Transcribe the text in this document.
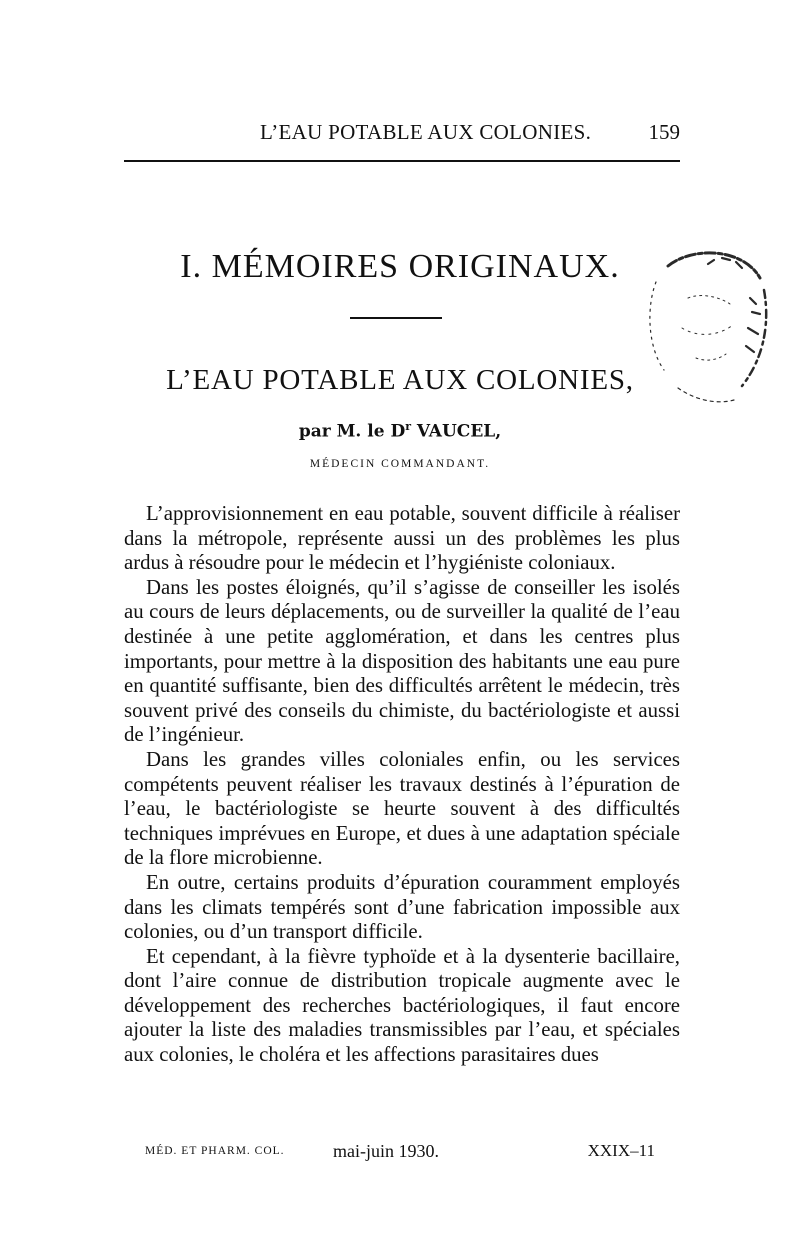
L’EAU POTABLE AUX COLONIES.	159
I. MÉMOIRES ORIGINAUX.
L’EAU POTABLE AUX COLONIES,
par M. le $D^r$ VAUCEL,
MÉDECIN COMMANDANT.

L’approvisionnement en eau potable, souvent difficile à réaliser dans la métropole, représente aussi un des problèmes les plus ardus à résoudre pour le médecin et l’hygiéniste coloniaux.

Dans les postes éloignés, qu’il s’agisse de conseiller les isolés au cours de leurs déplacements, ou de surveiller la qualité de l’eau destinée à une petite agglomération, et dans les centres plus importants, pour mettre à la disposition des habitants une eau pure en quantité suffisante, bien des difficultés arrêtent le médecin, très souvent privé des conseils du chimiste, du bactériologiste et aussi de l’ingénieur.

Dans les grandes villes coloniales enfin, ou les services compétents peuvent réaliser les travaux destinés à l’épuration de l’eau, le bactériologiste se heurte souvent à des difficultés techniques imprévues en Europe, et dues à une adaptation spéciale de la flore microbienne.

En outre, certains produits d’épuration couramment employés dans les climats tempérés sont d’une fabrication impossible aux colonies, ou d’un transport difficile.

Et cependant, à la fièvre typhoïde et à la dysenterie bacillaire, dont l’aire connue de distribution tropicale augmente avec le développement des recherches bactériologiques, il faut encore ajouter la liste des maladies transmissibles par l’eau, et spéciales aux colonies, le choléra et les affections parasitaires dues

MÉD. ET PHARM. COL.	mai-juin 1930.	XXIX–11
